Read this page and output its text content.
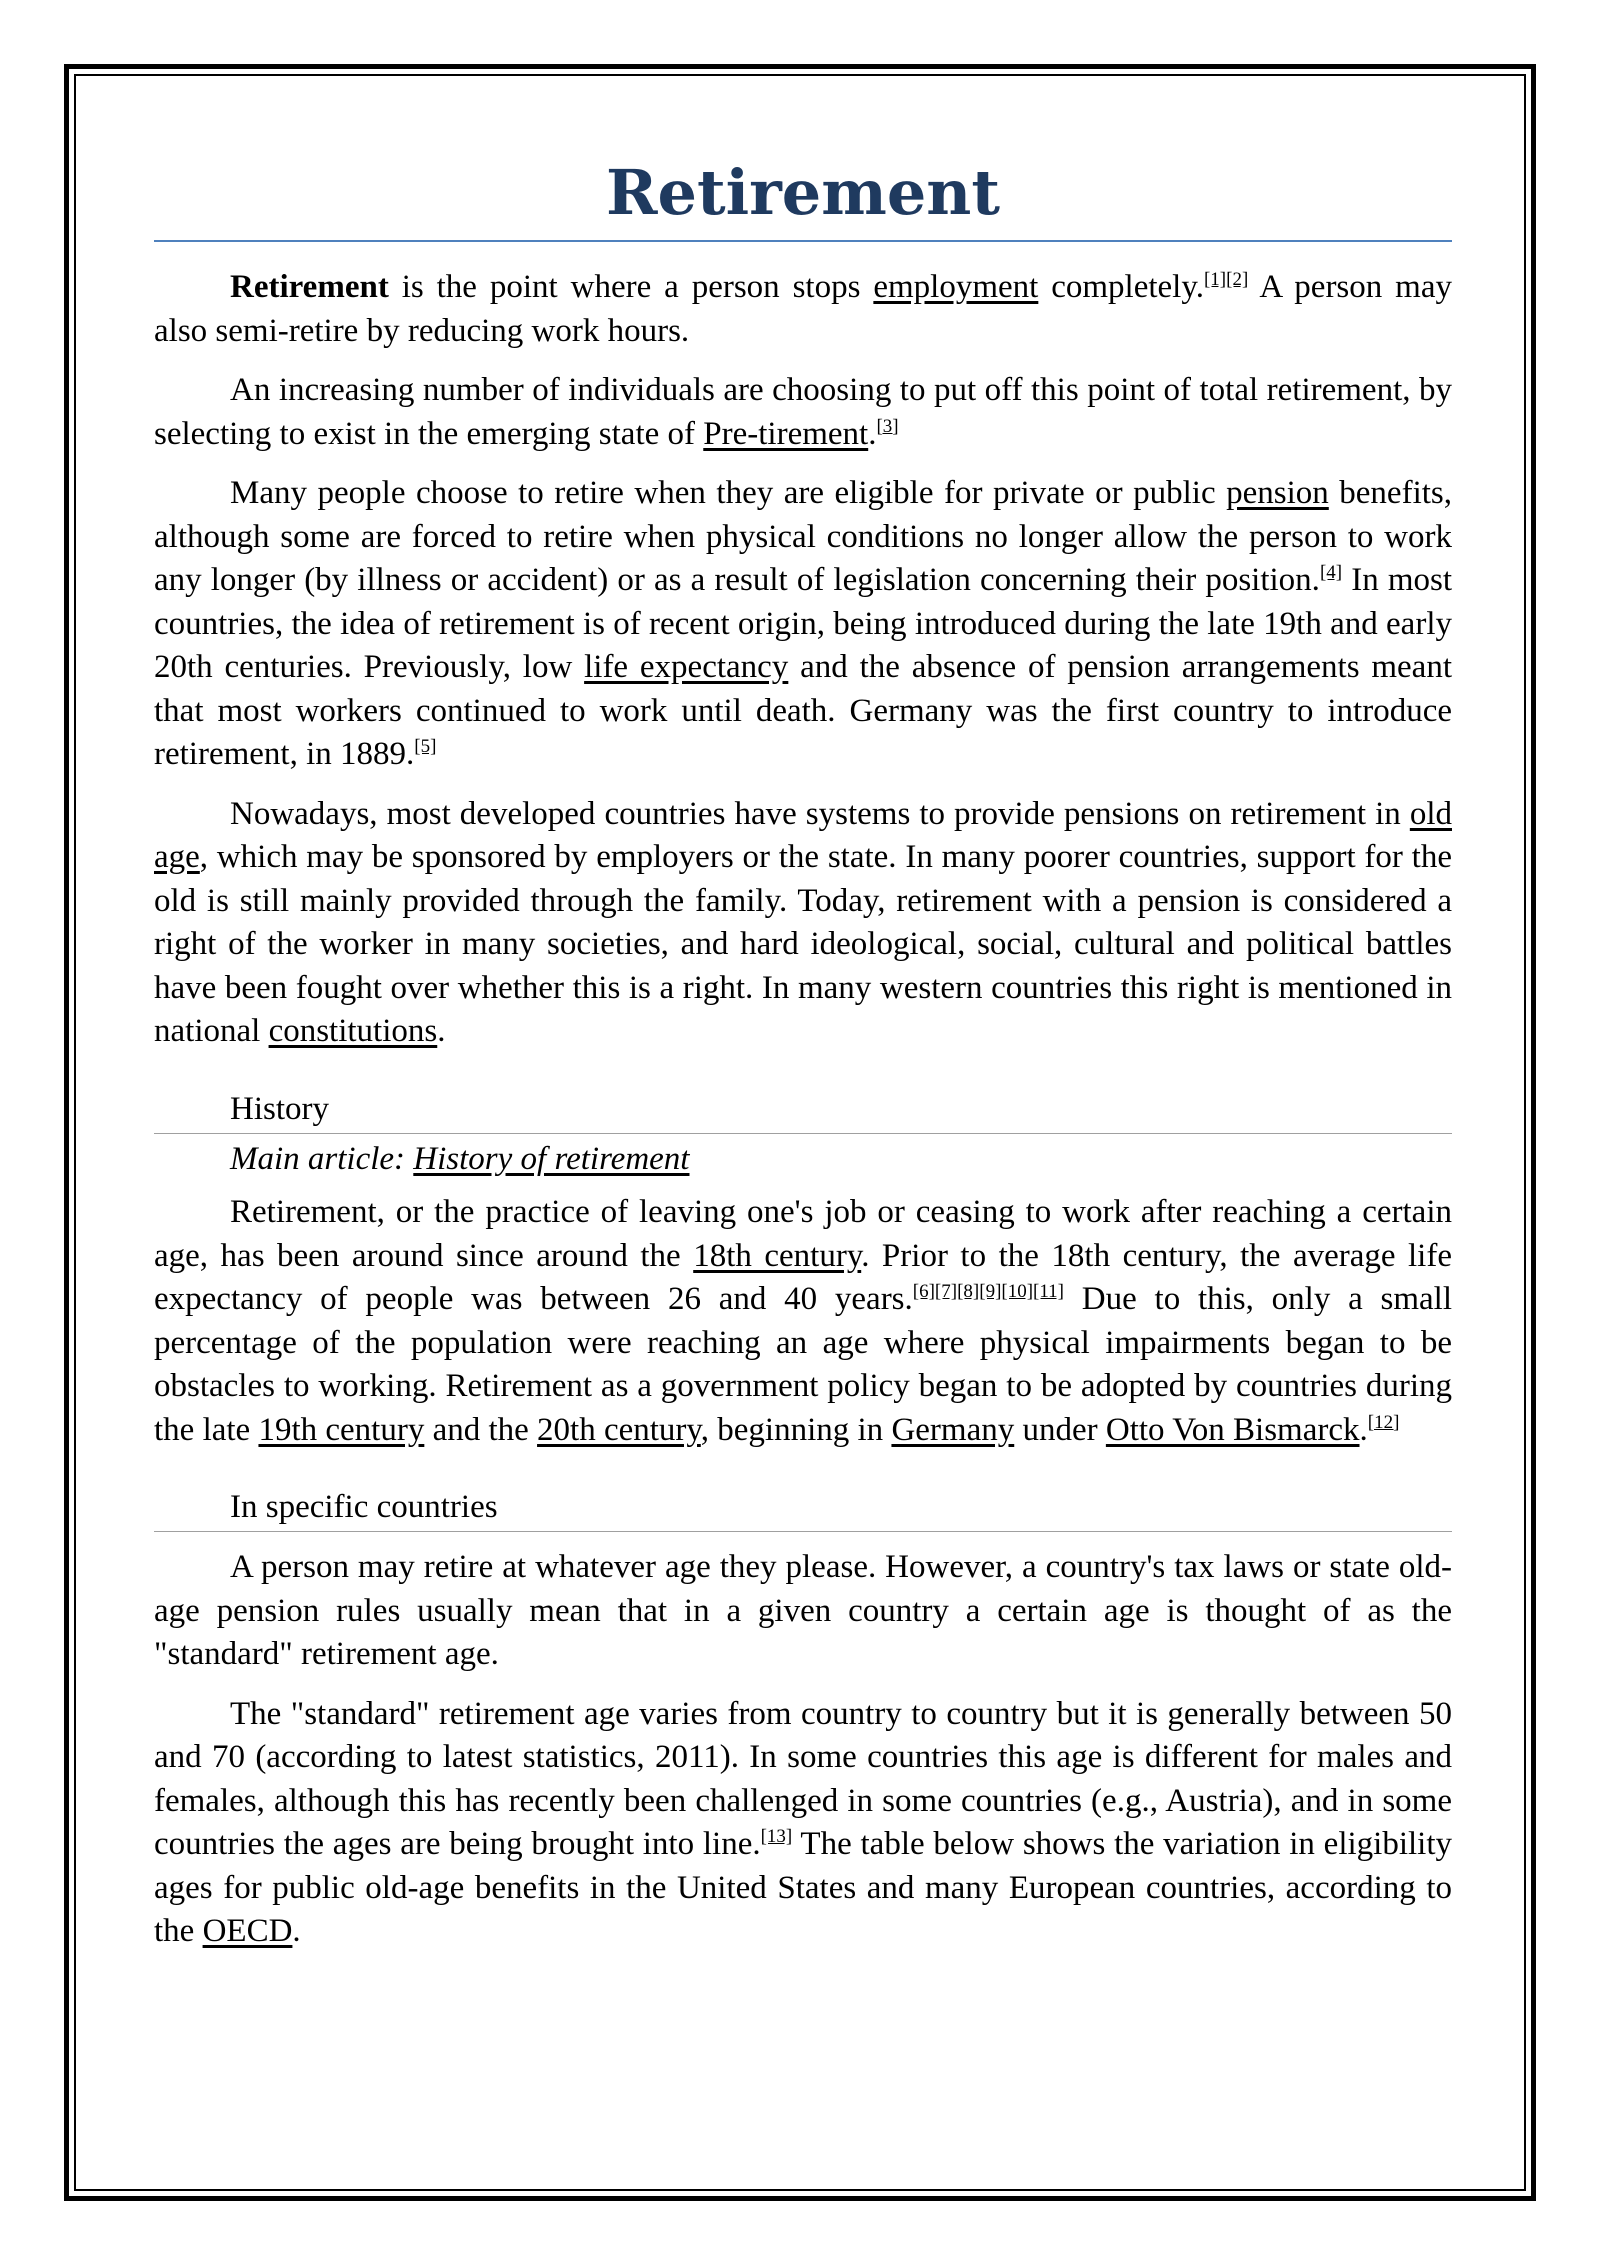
Retirement

Retirement is the point where a person stops employment completely.[1][2] A person may also semi-retire by reducing work hours.

An increasing number of individuals are choosing to put off this point of total retirement, by selecting to exist in the emerging state of Pre-tirement.[3]

Many people choose to retire when they are eligible for private or public pension benefits, although some are forced to retire when physical conditions no longer allow the person to work any longer (by illness or accident) or as a result of legislation concerning their position.[4] In most countries, the idea of retirement is of recent origin, being introduced during the late 19th and early 20th centuries. Previously, low life expectancy and the absence of pension arrangements meant that most workers continued to work until death. Germany was the first country to introduce retirement, in 1889.[5]

Nowadays, most developed countries have systems to provide pensions on retirement in old age, which may be sponsored by employers or the state. In many poorer countries, support for the old is still mainly provided through the family. Today, retirement with a pension is considered a right of the worker in many societies, and hard ideological, social, cultural and political battles have been fought over whether this is a right. In many western countries this right is mentioned in national constitutions.

History
Main article: History of retirement

Retirement, or the practice of leaving one's job or ceasing to work after reaching a certain age, has been around since around the 18th century. Prior to the 18th century, the average life expectancy of people was between 26 and 40 years.[6][7][8][9][10][11] Due to this, only a small percentage of the population were reaching an age where physical impairments began to be obstacles to working. Retirement as a government policy began to be adopted by countries during the late 19th century and the 20th century, beginning in Germany under Otto Von Bismarck.[12]

In specific countries

A person may retire at whatever age they please. However, a country's tax laws or state old-age pension rules usually mean that in a given country a certain age is thought of as the "standard" retirement age.

The "standard" retirement age varies from country to country but it is generally between 50 and 70 (according to latest statistics, 2011). In some countries this age is different for males and females, although this has recently been challenged in some countries (e.g., Austria), and in some countries the ages are being brought into line.[13] The table below shows the variation in eligibility ages for public old-age benefits in the United States and many European countries, according to the OECD.
